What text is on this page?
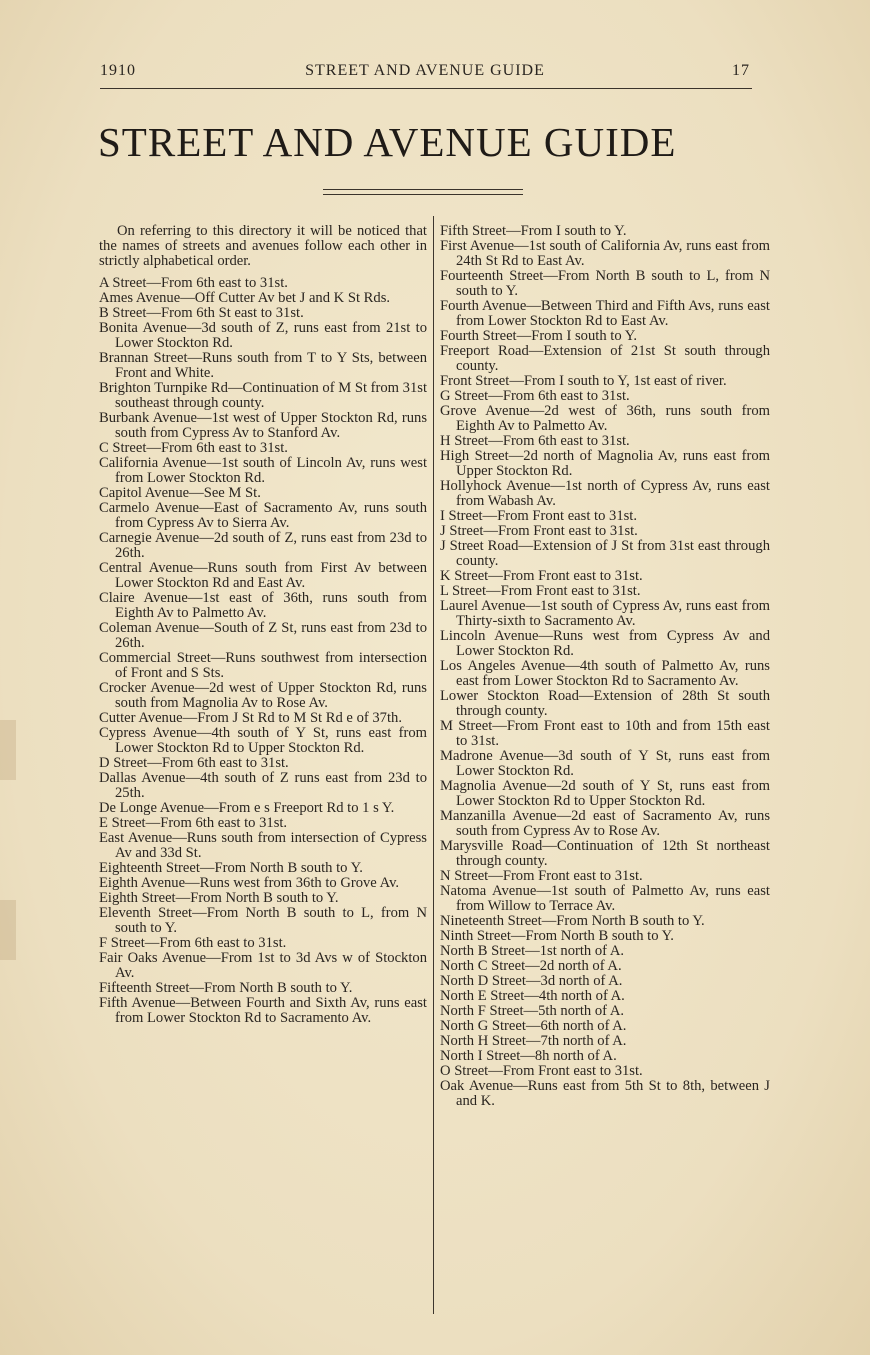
1910	STREET AND AVENUE GUIDE	17
STREET AND AVENUE GUIDE
On referring to this directory it will be noticed that the names of streets and avenues follow each other in strictly alphabetical order.
A Street—From 6th east to 31st.
Ames Avenue—Off Cutter Av bet J and K St Rds.
B Street—From 6th St east to 31st.
Bonita Avenue—3d south of Z, runs east from 21st to Lower Stockton Rd.
Brannan Street—Runs south from T to Y Sts, between Front and White.
Brighton Turnpike Rd—Continuation of M St from 31st southeast through county.
Burbank Avenue—1st west of Upper Stockton Rd, runs south from Cypress Av to Stanford Av.
C Street—From 6th east to 31st.
California Avenue—1st south of Lincoln Av, runs west from Lower Stockton Rd.
Capitol Avenue—See M St.
Carmelo Avenue—East of Sacramento Av, runs south from Cypress Av to Sierra Av.
Carnegie Avenue—2d south of Z, runs east from 23d to 26th.
Central Avenue—Runs south from First Av between Lower Stockton Rd and East Av.
Claire Avenue—1st east of 36th, runs south from Eighth Av to Palmetto Av.
Coleman Avenue—South of Z St, runs east from 23d to 26th.
Commercial Street—Runs southwest from intersection of Front and S Sts.
Crocker Avenue—2d west of Upper Stockton Rd, runs south from Magnolia Av to Rose Av.
Cutter Avenue—From J St Rd to M St Rd e of 37th.
Cypress Avenue—4th south of Y St, runs east from Lower Stockton Rd to Upper Stockton Rd.
D Street—From 6th east to 31st.
Dallas Avenue—4th south of Z runs east from 23d to 25th.
De Longe Avenue—From e s Freeport Rd to 1 s Y.
E Street—From 6th east to 31st.
East Avenue—Runs south from intersection of Cypress Av and 33d St.
Eighteenth Street—From North B south to Y.
Eighth Avenue—Runs west from 36th to Grove Av.
Eighth Street—From North B south to Y.
Eleventh Street—From North B south to L, from N south to Y.
F Street—From 6th east to 31st.
Fair Oaks Avenue—From 1st to 3d Avs w of Stockton Av.
Fifteenth Street—From North B south to Y.
Fifth Avenue—Between Fourth and Sixth Av, runs east from Lower Stockton Rd to Sacramento Av.
Fifth Street—From I south to Y.
First Avenue—1st south of California Av, runs east from 24th St Rd to East Av.
Fourteenth Street—From North B south to L, from N south to Y.
Fourth Avenue—Between Third and Fifth Avs, runs east from Lower Stockton Rd to East Av.
Fourth Street—From I south to Y.
Freeport Road—Extension of 21st St south through county.
Front Street—From I south to Y, 1st east of river.
G Street—From 6th east to 31st.
Grove Avenue—2d west of 36th, runs south from Eighth Av to Palmetto Av.
H Street—From 6th east to 31st.
High Street—2d north of Magnolia Av, runs east from Upper Stockton Rd.
Hollyhock Avenue—1st north of Cypress Av, runs east from Wabash Av.
I Street—From Front east to 31st.
J Street—From Front east to 31st.
J Street Road—Extension of J St from 31st east through county.
K Street—From Front east to 31st.
L Street—From Front east to 31st.
Laurel Avenue—1st south of Cypress Av, runs east from Thirty-sixth to Sacramento Av.
Lincoln Avenue—Runs west from Cypress Av and Lower Stockton Rd.
Los Angeles Avenue—4th south of Palmetto Av, runs east from Lower Stockton Rd to Sacramento Av.
Lower Stockton Road—Extension of 28th St south through county.
M Street—From Front east to 10th and from 15th east to 31st.
Madrone Avenue—3d south of Y St, runs east from Lower Stockton Rd.
Magnolia Avenue—2d south of Y St, runs east from Lower Stockton Rd to Upper Stockton Rd.
Manzanilla Avenue—2d east of Sacramento Av, runs south from Cypress Av to Rose Av.
Marysville Road—Continuation of 12th St northeast through county.
N Street—From Front east to 31st.
Natoma Avenue—1st south of Palmetto Av, runs east from Willow to Terrace Av.
Nineteenth Street—From North B south to Y.
Ninth Street—From North B south to Y.
North B Street—1st north of A.
North C Street—2d north of A.
North D Street—3d north of A.
North E Street—4th north of A.
North F Street—5th north of A.
North G Street—6th north of A.
North H Street—7th north of A.
North I Street—8h north of A.
O Street—From Front east to 31st.
Oak Avenue—Runs east from 5th St to 8th, between J and K.
